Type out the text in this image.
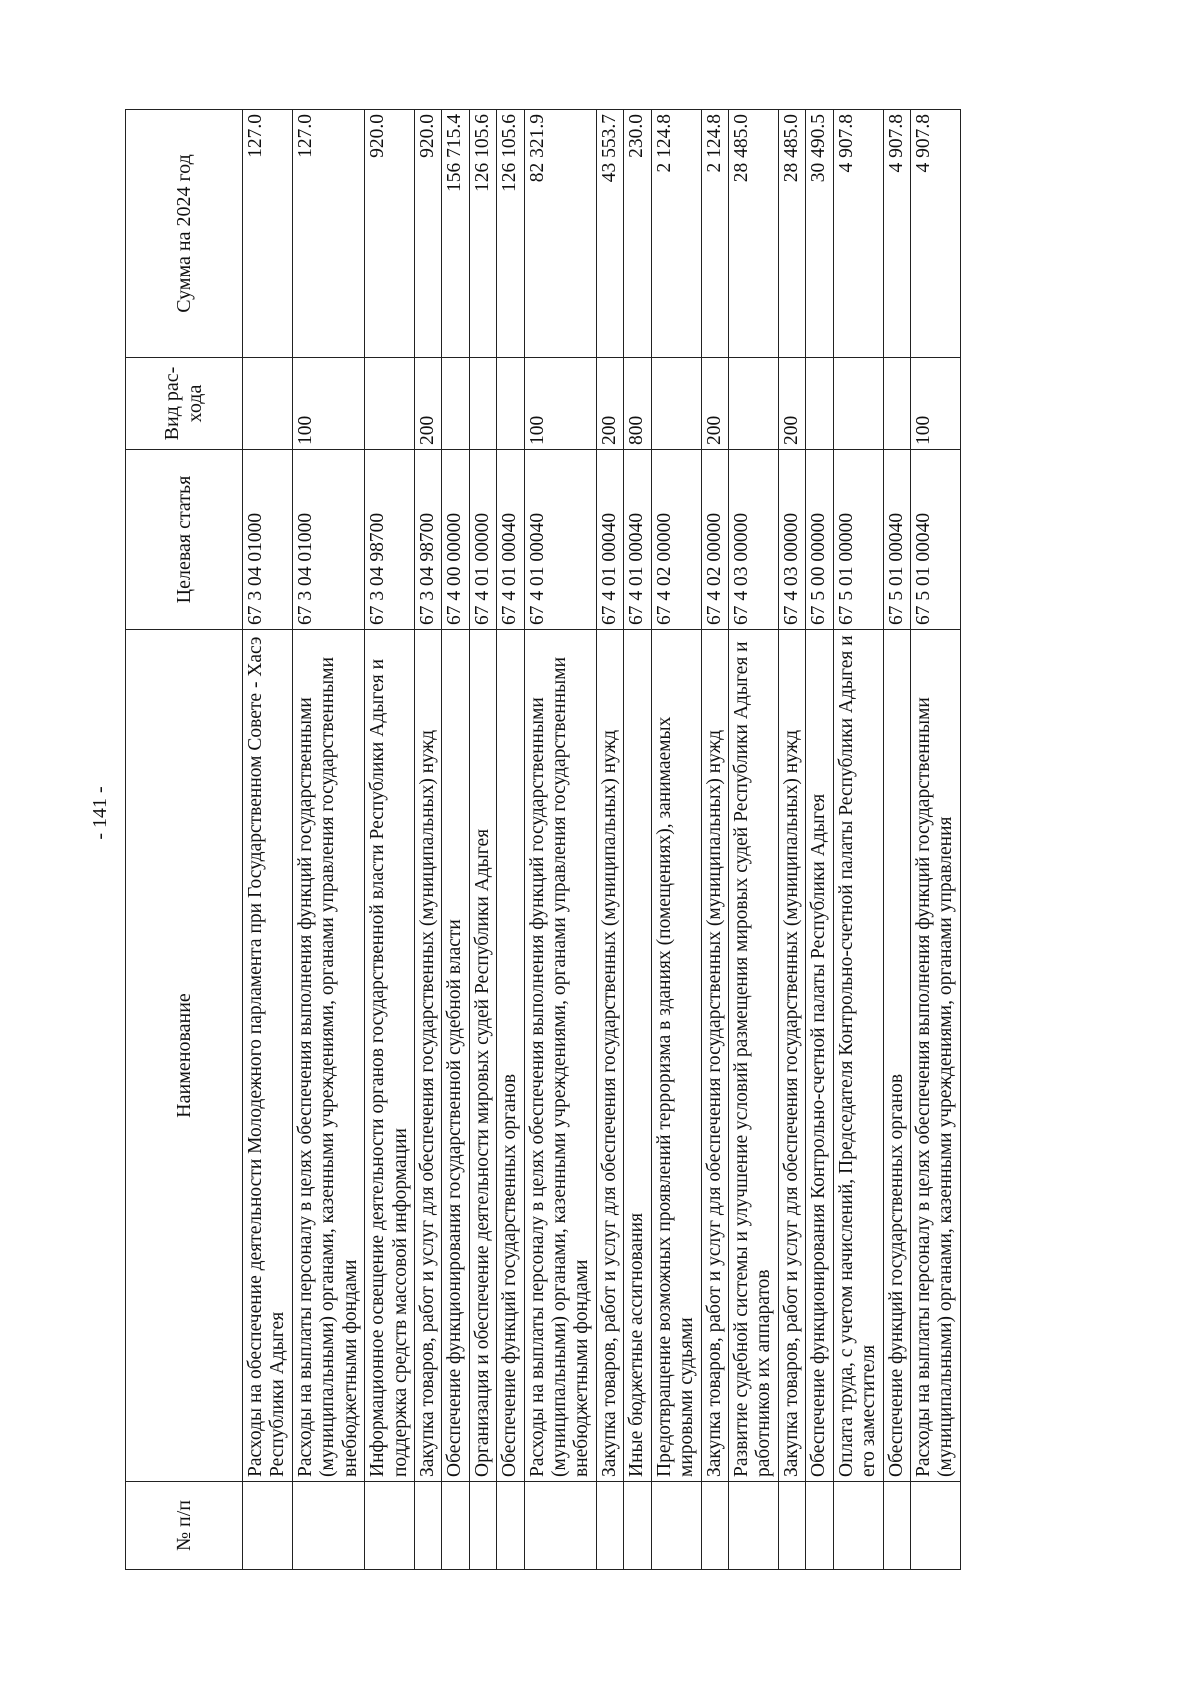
- 141 -
№ п/п	Наименование	Целевая статья	Вид рас-хода	Сумма на 2024 год
	Расходы на обеспечение деятельности Молодежного парламента при Государственном Совете - Хасэ Республики Адыгея	67 3 04 01000		127.0
	Расходы на выплаты персоналу в целях обеспечения выполнения функций государственными (муниципальными) органами, казенными учреждениями, органами управления государственными внебюджетными фондами	67 3 04 01000	100	127.0
	Информационное освещение деятельности органов государственной власти Республики Адыгея и поддержка средств массовой информации	67 3 04 98700		920.0
	Закупка товаров, работ и услуг для обеспечения государственных (муниципальных) нужд	67 3 04 98700	200	920.0
	Обеспечение функционирования государственной судебной власти	67 4 00 00000		156 715.4
	Организация и обеспечение деятельности мировых судей Республики Адыгея	67 4 01 00000		126 105.6
	Обеспечение функций государственных органов	67 4 01 00040		126 105.6
	Расходы на выплаты персоналу в целях обеспечения выполнения функций государственными (муниципальными) органами, казенными учреждениями, органами управления государственными внебюджетными фондами	67 4 01 00040	100	82 321.9
	Закупка товаров, работ и услуг для обеспечения государственных (муниципальных) нужд	67 4 01 00040	200	43 553.7
	Иные бюджетные ассигнования	67 4 01 00040	800	230.0
	Предотвращение возможных проявлений терроризма в зданиях (помещениях), занимаемых мировыми судьями	67 4 02 00000		2 124.8
	Закупка товаров, работ и услуг для обеспечения государственных (муниципальных) нужд	67 4 02 00000	200	2 124.8
	Развитие судебной системы и улучшение условий размещения мировых судей Республики Адыгея и работников их аппаратов	67 4 03 00000		28 485.0
	Закупка товаров, работ и услуг для обеспечения государственных (муниципальных) нужд	67 4 03 00000	200	28 485.0
	Обеспечение функционирования Контрольно-счетной палаты Республики Адыгея	67 5 00 00000		30 490.5
	Оплата труда, с учетом начислений, Председателя Контрольно-счетной палаты Республики Адыгея и его заместителя	67 5 01 00000		4 907.8
	Обеспечение функций государственных органов	67 5 01 00040		4 907.8
	Расходы на выплаты персоналу в целях обеспечения выполнения функций государственными (муниципальными) органами, казенными учреждениями, органами управления	67 5 01 00040	100	4 907.8
